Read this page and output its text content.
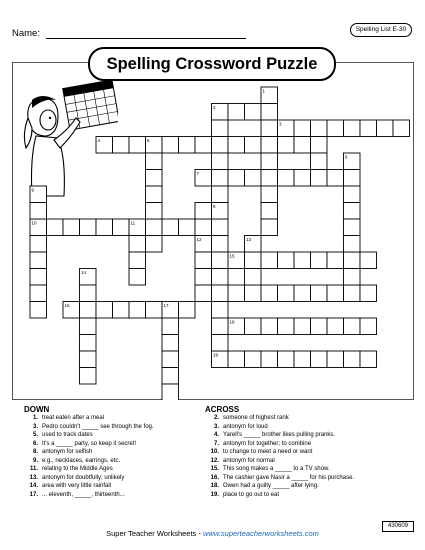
Name:	Spelling List E-30
Spelling Crossword Puzzle
1
2
3
4	5
6
7
8
9
10	11
12	13
14
15
16	17
18
19
DOWN
1. treat eaten after a meal
3. Pedro couldn't _____ see through the fog.
5. used to track dates
6. It's a _____ party, so keep it secret!
8. antonym for selfish
9. e.g., necklaces, earrings, etc.
11. relating to the Middle Ages
13. antonym for doubtfully; unlikely
14. area with very little rainfall
17. ... eleventh, _____, thirteenth...
ACROSS
2. someone of highest rank
3. antonym for loud
4. Yarell's _____ brother likes pulling pranks.
7. antonym for together; to combine
10. to change to meet a need or want
12. antonym for normal
15. This song makes a _____ to a TV show.
16. The cashier gave Nasir a _____ for his purchase.
18. Owen had a guilty _____ after lying.
19. place to go out to eat
Super Teacher Worksheets - www.superteacherworksheets.com
430609
